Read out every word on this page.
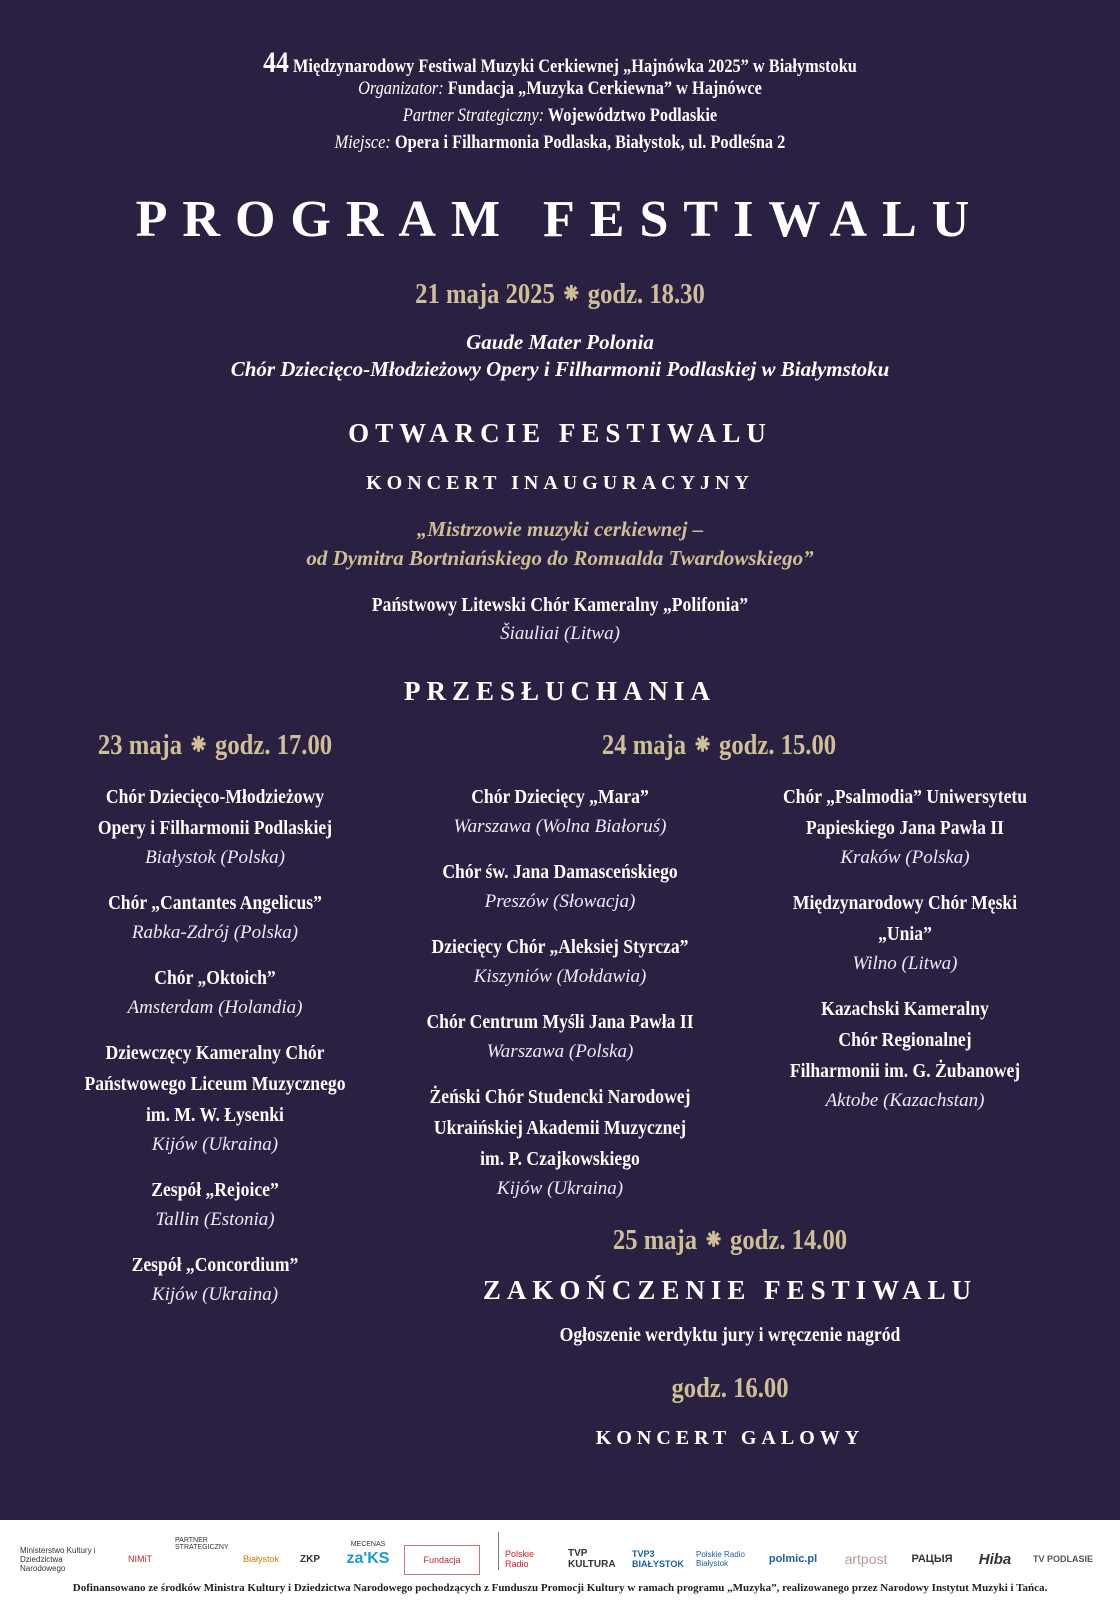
44 Międzynarodowy Festiwal Muzyki Cerkiewnej „Hajnówka 2025” w Białymstoku
Organizator: Fundacja „Muzyka Cerkiewna” w Hajnówce
Partner Strategiczny: Województwo Podlaskie
Miejsce: Opera i Filharmonia Podlaska, Białystok, ul. Podleśna 2
PROGRAM FESTIWALU
21 maja 2025 ⁕ godz. 18.30
Gaude Mater Polonia
Chór Dziecięco-Młodzieżowy Opery i Filharmonii Podlaskiej w Białymstoku
OTWARCIE FESTIWALU
KONCERT INAUGURACYJNY
„Mistrzowie muzyki cerkiewnej –
od Dymitra Bortniańskiego do Romualda Twardowskiego”
Państwowy Litewski Chór Kameralny „Polifonia”
Šiauliai (Litwa)
PRZESŁUCHANIA
23 maja ⁕ godz. 17.00	24 maja ⁕ godz. 15.00
Chór Dziecięco-Młodzieżowy
Opery i Filharmonii Podlaskiej
Białystok (Polska)
Chór „Cantantes Angelicus”
Rabka-Zdrój (Polska)
Chór „Oktoich”
Amsterdam (Holandia)
Dziewczęcy Kameralny Chór
Państwowego Liceum Muzycznego
im. M. W. Łysenki
Kijów (Ukraina)
Zespół „Rejoice”
Tallin (Estonia)
Zespół „Concordium”
Kijów (Ukraina)
Chór Dziecięcy „Mara”
Warszawa (Wolna Białoruś)
Chór św. Jana Damasceńskiego
Preszów (Słowacja)
Dziecięcy Chór „Aleksiej Styrcza”
Kiszyniów (Mołdawia)
Chór Centrum Myśli Jana Pawła II
Warszawa (Polska)
Żeński Chór Studencki Narodowej
Ukraińskiej Akademii Muzycznej
im. P. Czajkowskiego
Kijów (Ukraina)
Chór „Psalmodia” Uniwersytetu
Papieskiego Jana Pawła II
Kraków (Polska)
Międzynarodowy Chór Męski
„Unia”
Wilno (Litwa)
Kazachski Kameralny
Chór Regionalnej
Filharmonii im. G. Żubanowej
Aktobe (Kazachstan)
25 maja ⁕ godz. 14.00
ZAKOŃCZENIE FESTIWALU
Ogłoszenie werdyktu jury i wręczenie nagród
godz. 16.00
KONCERT GALOWY
Ministerstwo Kultury i Dziedzictwa Narodowego
NIMiT
PARTNER STRATEGICZNY
Białystok	ZKP
MECENAS
za'KS	Fundacja
Polskie Radio
TVP KULTURA
TVP3 BIAŁYSTOK
Polskie Radio Białystok	polmic.pl	artpost	РАЦЫЯ	Hiba	TV PODLASIE
Dofinansowano ze środków Ministra Kultury i Dziedzictwa Narodowego pochodzących z Funduszu Promocji Kultury w ramach programu „Muzyka”, realizowanego przez Narodowy Instytut Muzyki i Tańca.
